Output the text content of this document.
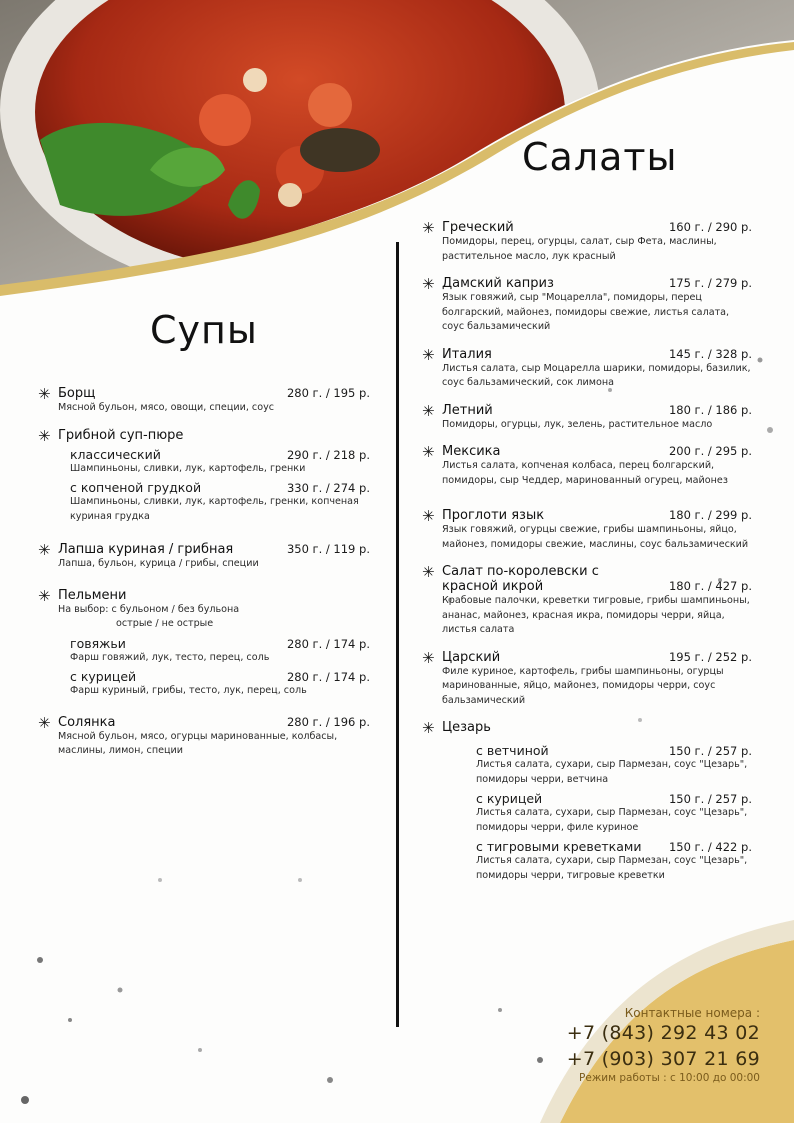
Салаты
Супы
✳ Борщ	280 г. / 195 р.
Мясной бульон, мясо, овощи, специи, соус
✳ Грибной суп-пюре
классический	290 г. / 218 р.
Шампиньоны, сливки, лук, картофель, гренки
с копченой грудкой	330 г. / 274 р.
Шампиньоны, сливки, лук, картофель, гренки, копченая куриная грудка
✳ Лапша куриная / грибная	350 г. / 119 р.
Лапша, бульон, курица / грибы, специи
✳ Пельмени
На выбор: с бульоном / без бульона
острые / не острые
говяжьи	280 г. / 174 р.
Фарш говяжий, лук, тесто, перец, соль
с курицей	280 г. / 174 р.
Фарш куриный, грибы, тесто, лук, перец, соль
✳ Солянка	280 г. / 196 р.
Мясной бульон, мясо, огурцы маринованные, колбасы, маслины, лимон, специи
✳ Греческий	160 г. / 290 р.
Помидоры, перец, огурцы, салат, сыр Фета, маслины, растительное масло, лук красный
✳ Дамский каприз	175 г. / 279 р.
Язык говяжий, сыр "Моцарелла", помидоры, перец болгарский, майонез, помидоры свежие, листья салата, соус бальзамический
✳ Италия	145 г. / 328 р.
Листья салата, сыр Моцарелла шарики, помидоры, базилик, соус бальзамический, сок лимона
✳ Летний	180 г. / 186 р.
Помидоры, огурцы, лук, зелень, растительное масло
✳ Мексика	200 г. / 295 р.
Листья салата, копченая колбаса, перец болгарский, помидоры, сыр Чеддер, маринованный огурец, майонез
✳ Проглоти язык	180 г. / 299 р.
Язык говяжий, огурцы свежие, грибы шампиньоны, яйцо, майонез, помидоры свежие, маслины, соус бальзамический
✳ Салат по-королевски с
красной икрой	180 г. / 427 р.
Крабовые палочки, креветки тигровые, грибы шампиньоны, ананас, майонез, красная икра, помидоры черри, яйца, листья салата
✳ Царский	195 г. / 252 р.
Филе куриное, картофель, грибы шампиньоны, огурцы маринованные, яйцо, майонез, помидоры черри, соус бальзамический
✳ Цезарь
с ветчиной	150 г. / 257 р.
Листья салата, сухари, сыр Пармезан, соус "Цезарь", помидоры черри, ветчина
с курицей	150 г. / 257 р.
Листья салата, сухари, сыр Пармезан, соус "Цезарь", помидоры черри, филе куриное
с тигровыми креветками 150 г. / 422 р.
Листья салата, сухари, сыр Пармезан, соус "Цезарь", помидоры черри, тигровые креветки
Контактные номера :
+7 (843) 292 43 02
+7 (903) 307 21 69
Режим работы : с 10:00 до 00:00
